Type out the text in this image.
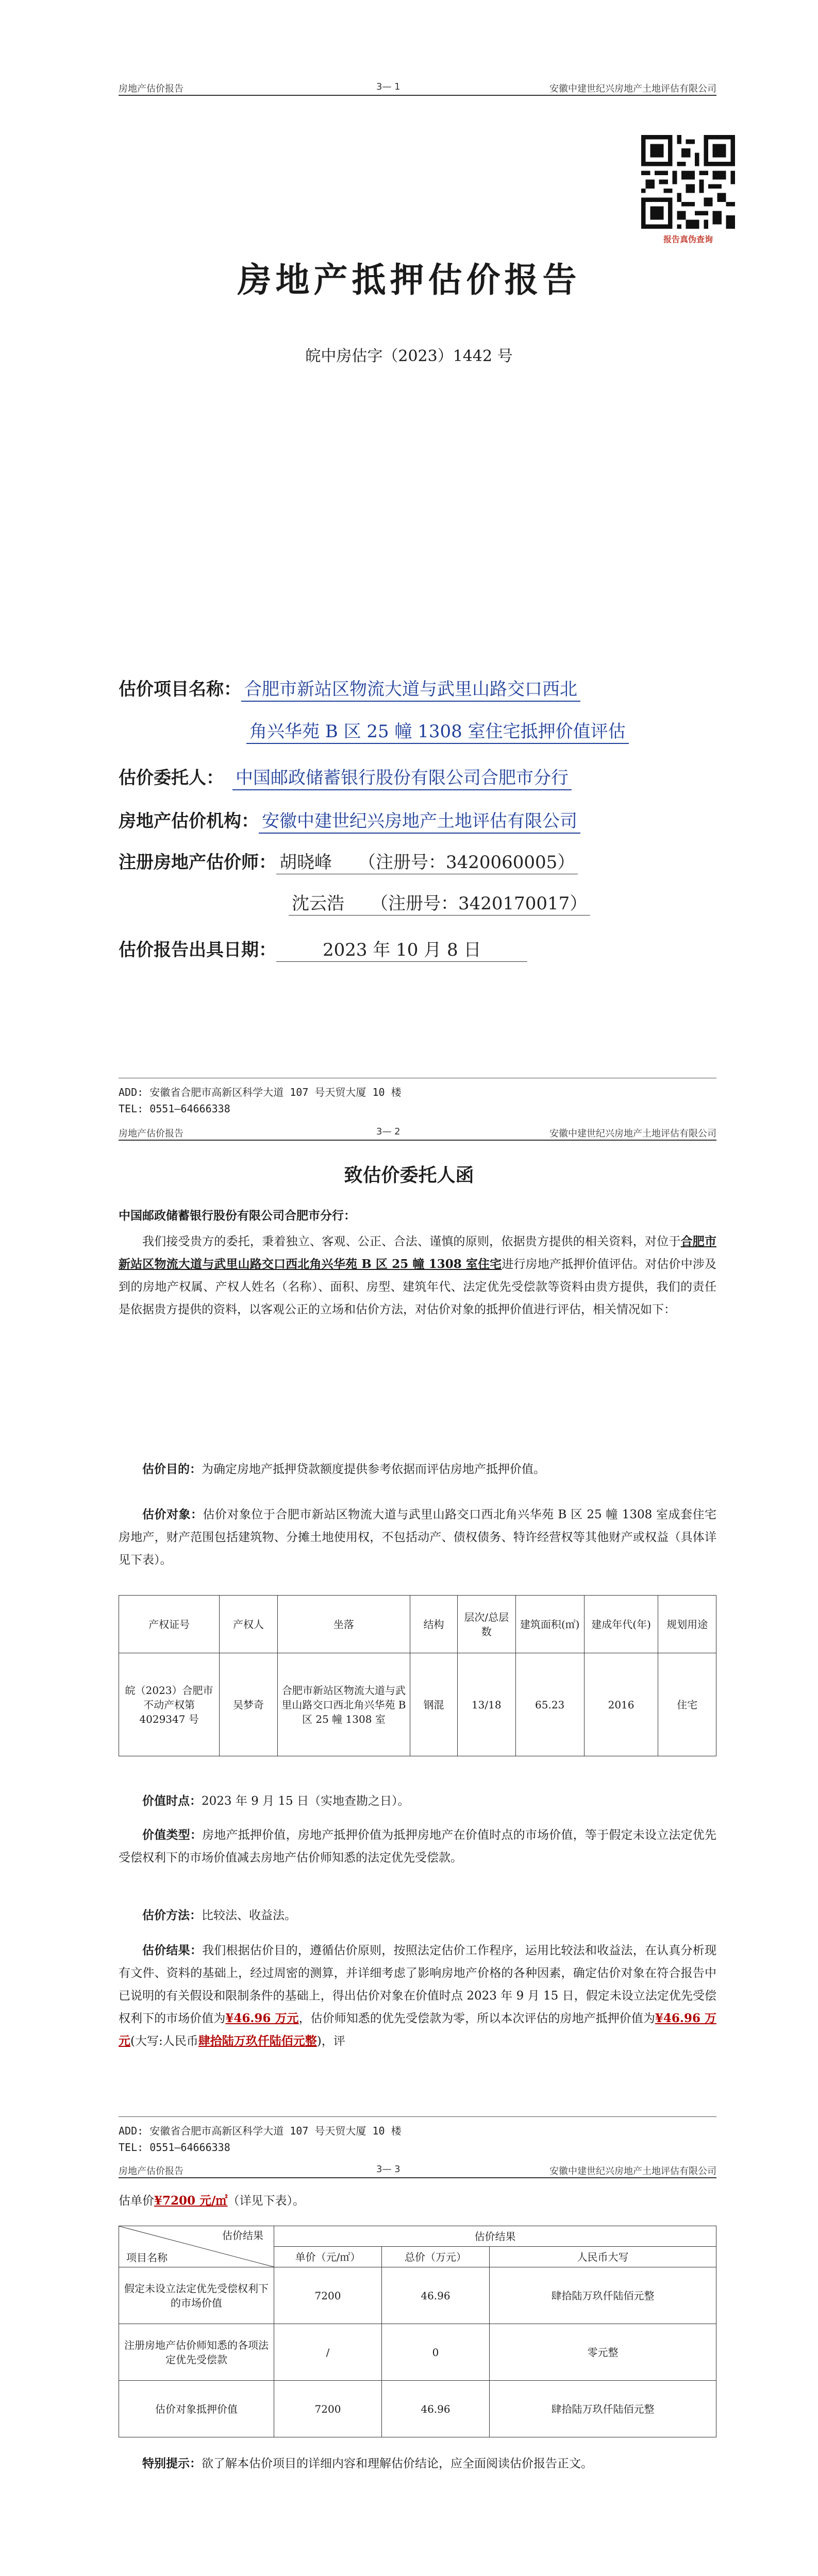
房地产估价报告	3— 1	安徽中建世纪兴房地产土地评估有限公司
报告真伪查询
房地产抵押估价报告
皖中房估字（2023）1442 号
估价项目名称： 合肥市新站区物流大道与武里山路交口西北
角兴华苑 B 区 25 幢 1308 室住宅抵押价值评估
估价委托人：　 中国邮政储蓄银行股份有限公司合肥市分行
房地产估价机构： 安徽中建世纪兴房地产土地评估有限公司
注册房地产估价师： 胡晓峰　　（注册号：3420060005）
沈云浩　　（注册号：3420170017）
估价报告出具日期：	2023 年 10 月 8 日
ADD: 安徽省合肥市高新区科学大道 107 号天贸大厦 10 楼
TEL: 0551—64666338
房地产估价报告	3— 2	安徽中建世纪兴房地产土地评估有限公司
致估价委托人函
中国邮政储蓄银行股份有限公司合肥市分行：
我们接受贵方的委托，秉着独立、客观、公正、合法、谨慎的原则，依据贵方提供的相关资料，对位于合肥市新站区物流大道与武里山路交口西北角兴华苑 B 区 25 幢 1308 室住宅进行房地产抵押价值评估。对估价中涉及到的房地产权属、产权人姓名（名称）、面积、房型、建筑年代、法定优先受偿款等资料由贵方提供，我们的责任是依据贵方提供的资料，以客观公正的立场和估价方法，对估价对象的抵押价值进行评估，相关情况如下：
估价目的：为确定房地产抵押贷款额度提供参考依据而评估房地产抵押价值。
估价对象：估价对象位于合肥市新站区物流大道与武里山路交口西北角兴华苑 B 区 25 幢 1308 室成套住宅房地产，财产范围包括建筑物、分摊土地使用权，不包括动产、债权债务、特许经营权等其他财产或权益（具体详见下表）。
产权证号	产权人	坐落	结构	层次/总层数	建筑面积(㎡)	建成年代(年)	规划用途
皖（2023）合肥市不动产权第 4029347 号	吴梦奇	合肥市新站区物流大道与武里山路交口西北角兴华苑 B 区 25 幢 1308 室	钢混	13/18	65.23	2016	住宅
价值时点：2023 年 9 月 15 日（实地查勘之日）。
价值类型：房地产抵押价值，房地产抵押价值为抵押房地产在价值时点的市场价值，等于假定未设立法定优先受偿权利下的市场价值减去房地产估价师知悉的法定优先受偿款。
估价方法：比较法、收益法。
估价结果：我们根据估价目的，遵循估价原则，按照法定估价工作程序，运用比较法和收益法，在认真分析现有文件、资料的基础上，经过周密的测算，并详细考虑了影响房地产价格的各种因素，确定估价对象在符合报告中已说明的有关假设和限制条件的基础上，得出估价对象在价值时点 2023 年 9 月 15 日，假定未设立法定优先受偿权利下的市场价值为¥46.96 万元，估价师知悉的优先受偿款为零，所以本次评估的房地产抵押价值为¥46.96 万元(大写:人民币肆拾陆万玖仟陆佰元整)，评
ADD: 安徽省合肥市高新区科学大道 107 号天贸大厦 10 楼
TEL: 0551—64666338
房地产估价报告	3— 3	安徽中建世纪兴房地产土地评估有限公司
估单价¥7200 元/㎡（详见下表）。
估价结果
项目名称	估价结果		
	单价（元/㎡）	总价（万元）	人民币大写
假定未设立法定优先受偿权利下的市场价值	7200	46.96	肆拾陆万玖仟陆佰元整
注册房地产估价师知悉的各项法定优先受偿款	/	0	零元整
估价对象抵押价值	7200	46.96	肆拾陆万玖仟陆佰元整
特别提示：欲了解本估价项目的详细内容和理解估价结论，应全面阅读估价报告正文。
